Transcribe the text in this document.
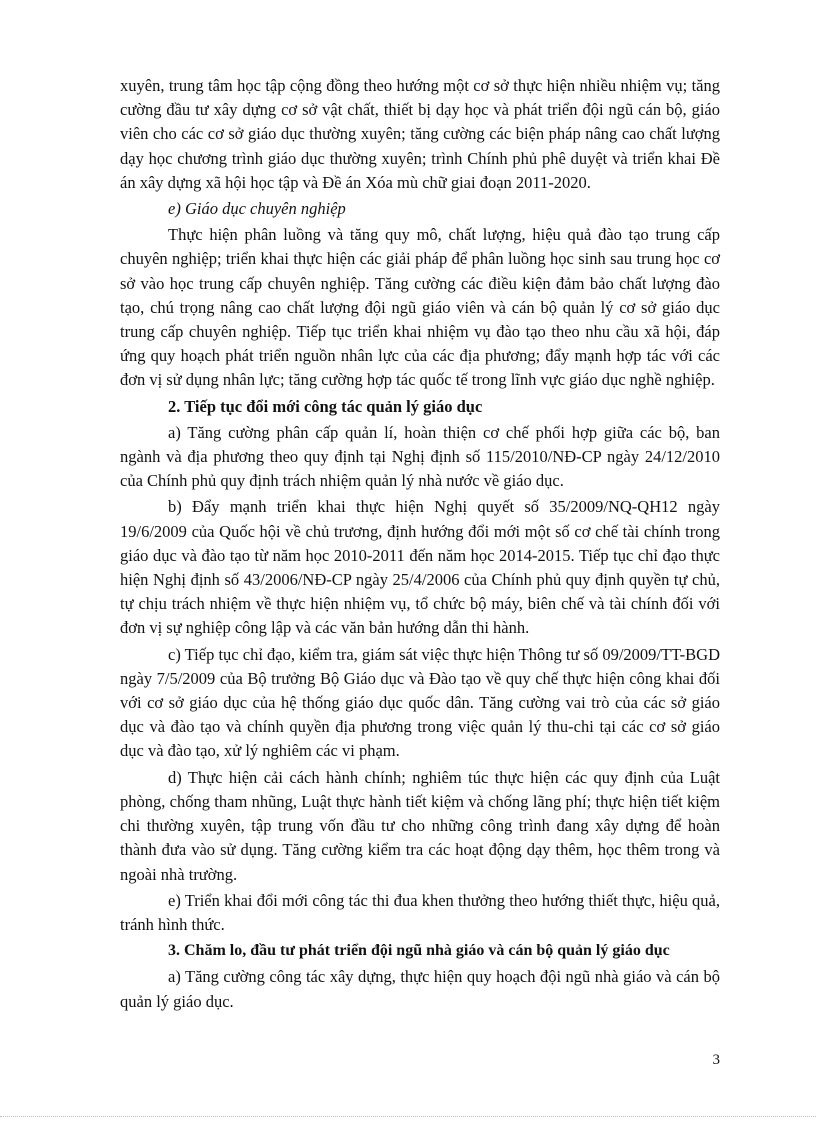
xuyên, trung tâm học tập cộng đồng theo hướng một cơ sở thực hiện nhiều nhiệm vụ; tăng cường đầu tư xây dựng cơ sở vật chất, thiết bị dạy học và phát triển đội ngũ cán bộ, giáo viên cho các cơ sở giáo dục thường xuyên; tăng cường các biện pháp nâng cao chất lượng dạy học chương trình giáo dục thường xuyên; trình Chính phủ phê duyệt và triển khai Đề án xây dựng xã hội học tập và Đề án Xóa mù chữ giai đoạn 2011-2020.

e) Giáo dục chuyên nghiệp

Thực hiện phân luồng và tăng quy mô, chất lượng, hiệu quả đào tạo trung cấp chuyên nghiệp; triển khai thực hiện các giải pháp để phân luồng học sinh sau trung học cơ sở vào học trung cấp chuyên nghiệp. Tăng cường các điều kiện đảm bảo chất lượng đào tạo, chú trọng nâng cao chất lượng đội ngũ giáo viên và cán bộ quản lý cơ sở giáo dục trung cấp chuyên nghiệp. Tiếp tục triển khai nhiệm vụ đào tạo theo nhu cầu xã hội, đáp ứng quy hoạch phát triển nguồn nhân lực của các địa phương; đẩy mạnh hợp tác với các đơn vị sử dụng nhân lực; tăng cường hợp tác quốc tế trong lĩnh vực giáo dục nghề nghiệp.

2. Tiếp tục đổi mới công tác quản lý giáo dục

a) Tăng cường phân cấp quản lí, hoàn thiện cơ chế phối hợp giữa các bộ, ban ngành và địa phương theo quy định tại Nghị định số 115/2010/NĐ-CP ngày 24/12/2010 của Chính phủ quy định trách nhiệm quản lý nhà nước về giáo dục.

b) Đẩy mạnh triển khai thực hiện Nghị quyết số 35/2009/NQ-QH12 ngày 19/6/2009 của Quốc hội về chủ trương, định hướng đổi mới một số cơ chế tài chính trong giáo dục và đào tạo từ năm học 2010-2011 đến năm học 2014-2015. Tiếp tục chỉ đạo thực hiện Nghị định số 43/2006/NĐ-CP ngày 25/4/2006 của Chính phủ quy định quyền tự chủ, tự chịu trách nhiệm về thực hiện nhiệm vụ, tổ chức bộ máy, biên chế và tài chính đối với đơn vị sự nghiệp công lập và các văn bản hướng dẫn thi hành.

c) Tiếp tục chỉ đạo, kiểm tra, giám sát việc thực hiện Thông tư số 09/2009/TT-BGD ngày 7/5/2009 của Bộ trưởng Bộ Giáo dục và Đào tạo về quy chế thực hiện công khai đối với cơ sở giáo dục của hệ thống giáo dục quốc dân. Tăng cường vai trò của các sở giáo dục và đào tạo và chính quyền địa phương trong việc quản lý thu-chi tại các cơ sở giáo dục và đào tạo, xử lý nghiêm các vi phạm.

d) Thực hiện cải cách hành chính; nghiêm túc thực hiện các quy định của Luật phòng, chống tham nhũng, Luật thực hành tiết kiệm và chống lãng phí; thực hiện tiết kiệm chi thường xuyên, tập trung vốn đầu tư cho những công trình đang xây dựng để hoàn thành đưa vào sử dụng. Tăng cường kiểm tra các hoạt động dạy thêm, học thêm trong và ngoài nhà trường.

e) Triển khai đổi mới công tác thi đua khen thưởng theo hướng thiết thực, hiệu quả, tránh hình thức.

3. Chăm lo, đầu tư phát triển đội ngũ nhà giáo và cán bộ quản lý giáo dục

a) Tăng cường công tác xây dựng, thực hiện quy hoạch đội ngũ nhà giáo và cán bộ quản lý giáo dục.

3
